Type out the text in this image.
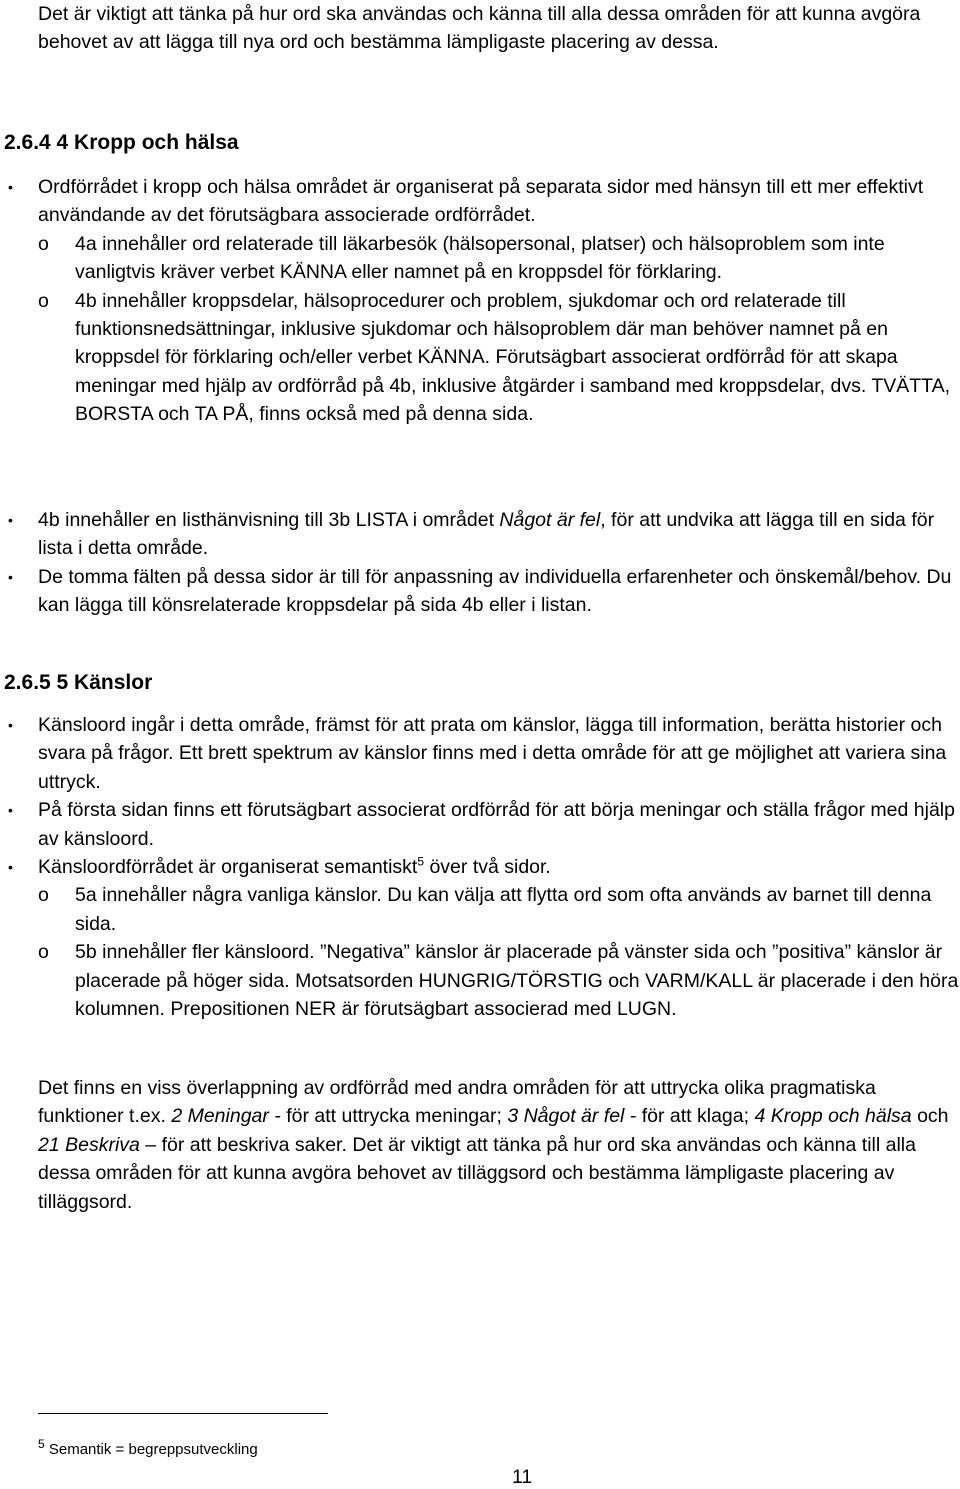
Det är viktigt att tänka på hur ord ska användas och känna till alla dessa områden för att kunna avgöra behovet av att lägga till nya ord och bestämma lämpligaste placering av dessa.

2.6.4 4 Kropp och hälsa
• Ordförrådet i kropp och hälsa området är organiserat på separata sidor med hänsyn till ett mer effektivt användande av det förutsägbara associerade ordförrådet.
o 4a innehåller ord relaterade till läkarbesök (hälsopersonal, platser) och hälsoproblem som inte vanligtvis kräver verbet KÄNNA eller namnet på en kroppsdel för förklaring.
o 4b innehåller kroppsdelar, hälsoprocedurer och problem, sjukdomar och ord relaterade till funktionsnedsättningar, inklusive sjukdomar och hälsoproblem där man behöver namnet på en kroppsdel för förklaring och/eller verbet KÄNNA. Förutsägbart associerat ordförråd för att skapa meningar med hjälp av ordförråd på 4b, inklusive åtgärder i samband med kroppsdelar, dvs. TVÄTTA, BORSTA och TA PÅ, finns också med på denna sida.
• 4b innehåller en listhänvisning till 3b LISTA i området Något är fel, för att undvika att lägga till en sida för lista i detta område.
• De tomma fälten på dessa sidor är till för anpassning av individuella erfarenheter och önskemål/behov. Du kan lägga till könsrelaterade kroppsdelar på sida 4b eller i listan.
2.6.5 5 Känslor
• Känsloord ingår i detta område, främst för att prata om känslor, lägga till information, berätta historier och svara på frågor. Ett brett spektrum av känslor finns med i detta område för att ge möjlighet att variera sina uttryck.
• På första sidan finns ett förutsägbart associerat ordförråd för att börja meningar och ställa frågor med hjälp av känsloord.
• Känsloordförrådet är organiserat semantiskt$^5$ över två sidor.
o 5a innehåller några vanliga känslor. Du kan välja att flytta ord som ofta används av barnet till denna sida.
o 5b innehåller fler känsloord. ”Negativa” känslor är placerade på vänster sida och ”positiva” känslor är placerade på höger sida. Motsatsorden HUNGRIG/TÖRSTIG och VARM/KALL är placerade i den höra kolumnen. Prepositionen NER är förutsägbart associerad med LUGN.

Det finns en viss överlappning av ordförråd med andra områden för att uttrycka olika pragmatiska funktioner t.ex. 2 Meningar - för att uttrycka meningar; 3 Något är fel - för att klaga; 4 Kropp och hälsa och 21 Beskriva – för att beskriva saker. Det är viktigt att tänka på hur ord ska användas och känna till alla dessa områden för att kunna avgöra behovet av tilläggsord och bestämma lämpligaste placering av tilläggsord.

$^5$ Semantik = begreppsutveckling
11
